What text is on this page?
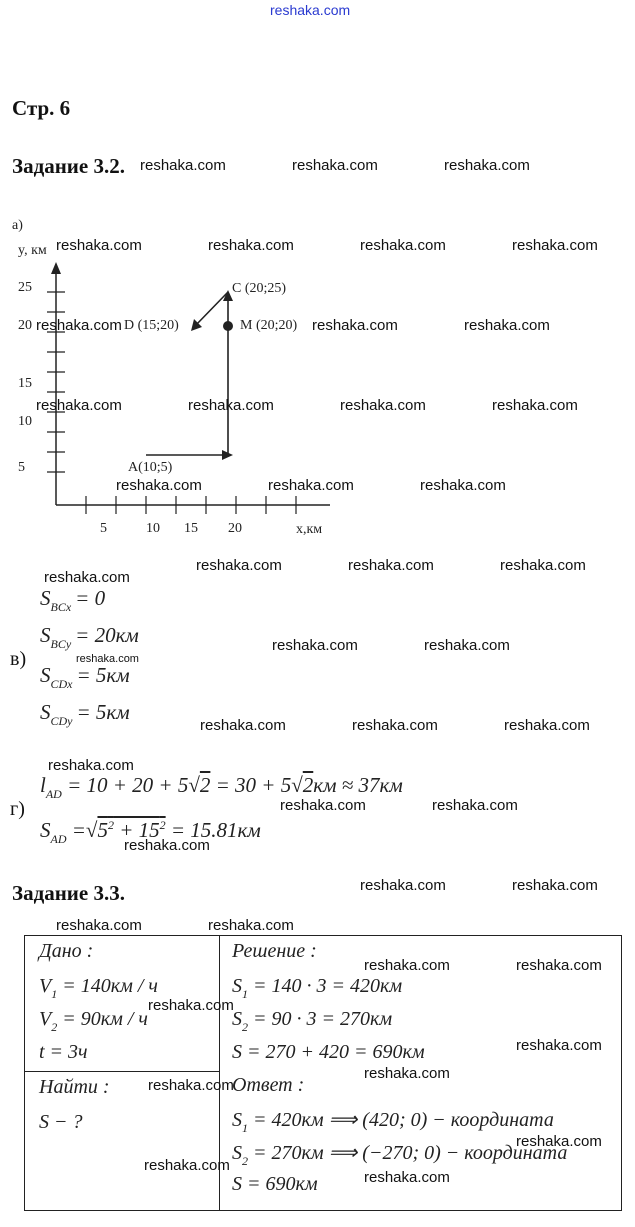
reshaka.com
Стр. 6
Задание 3.2. reshaka.com	reshaka.com	reshaka.com
а)
y, км
25
20
15
10
5
5	10 15 20	x,км
A(10;5)
C (20;25)
D (15;20)	M (20;20)
reshaka.com	reshaka.com	reshaka.com	reshaka.com
reshaka.com	reshaka.com	reshaka.com
reshaka.com	reshaka.com	reshaka.com	reshaka.com
reshaka.com	reshaka.com	reshaka.com
reshaka.com
reshaka.com	reshaka.com	reshaka.com
$S_{BCx} = 0$
$S_{BCy} = 20км$
в)	reshaka.com
$S_{CDx} = 5км$
$S_{CDy} = 5км$
reshaka.com	reshaka.com
reshaka.com	reshaka.com	reshaka.com
reshaka.com
$l_{AD} = 10 + 20 + 5√2 = 30 + 5√2км \approx 37км$
г)	reshaka.com	reshaka.com
$S_{AD} =√5^2 + 15^2 = 15.81км$
reshaka.com
Задание 3.3.	reshaka.com	reshaka.com
reshaka.com	reshaka.com
Дано :
$V_1 = 140км / ч$
$V_2 = 90км / ч$
t = 3ч

Решение :
$S_1 = 140 \cdot 3 = 420км$
$S_2 = 90 \cdot 3 = 270км$
S = 270 + 420 = 690км
Ответ :
$S_1 = 420км$ ⟹ (420; 0) − координата
$S_2 = 270км$ ⟹ (−270; 0) − координата
S = 690км

Найти :
S − ?
reshaka.com	reshaka.com
reshaka.com
reshaka.com
reshaka.com
reshaka.com
reshaka.com
reshaka.com
reshaka.com
